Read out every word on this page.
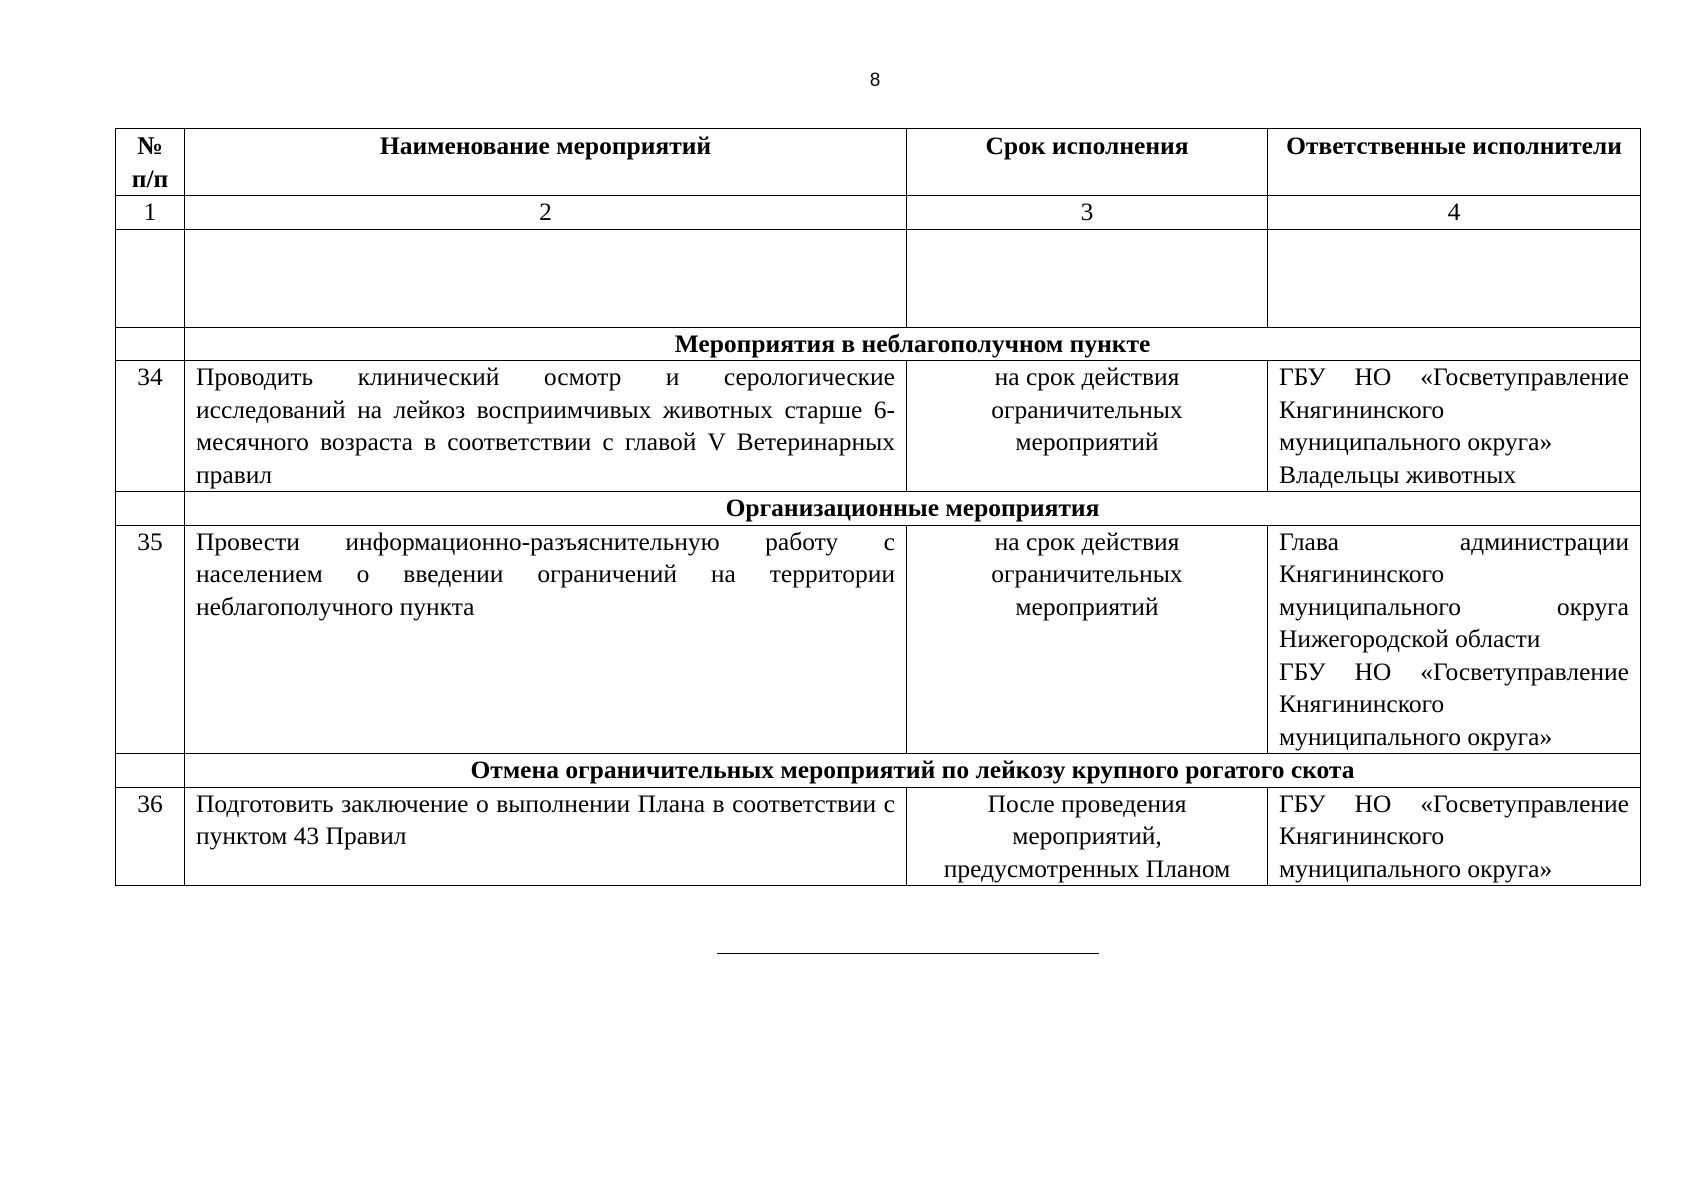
8
№ п/п	Наименование мероприятий	Срок исполнения	Ответственные исполнители
1	2	3	4

	Мероприятия в неблагополучном пункте		
34	Проводить клинический осмотр и серологические исследований на лейкоз восприимчивых животных старше 6-месячного возраста в соответствии с главой V Ветеринарных правил	на срок действия ограничительных мероприятий	ГБУ НО «Госветуправление Княгининского муниципального округа»
Владельцы животных

	Организационные мероприятия		
35	Провести информационно-разъяснительную работу с населением о введении ограничений на территории неблагополучного пункта	на срок действия ограничительных мероприятий	Глава администрации Княгининского муниципального округа Нижегородской области
ГБУ НО «Госветуправление Княгининского муниципального округа»

	Отмена ограничительных мероприятий по лейкозу крупного рогатого скота		
36	Подготовить заключение о выполнении Плана в соответствии с пунктом 43 Правил	После проведения мероприятий, предусмотренных Планом	ГБУ НО «Госветуправление Княгининского муниципального округа»
